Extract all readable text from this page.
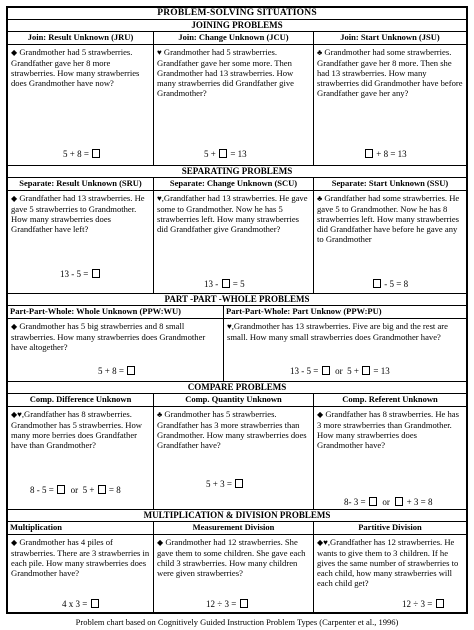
PROBLEM-SOLVING SITUATIONS
JOINING PROBLEMS
Join: Result Unknown (JRU)
◆ Grandmother had 5 strawberries. Grandfather gave her 8 more strawberries. How many strawberries does Grandmother have now?
5 + 8 =
Join: Change Unknown (JCU)
♥ Grandmother had 5 strawberries. Grandfather gave her some more. Then Grandmother had 13 strawberries. How many strawberries did Grandfather give Grandmother?
5 +  = 13
Join: Start Unknown (JSU)
♣ Grandmother had some strawberries. Grandfather gave her 8 more. Then she had 13 strawberries. How many strawberries did Grandmother have before Grandfather gave her any?
+ 8 = 13
SEPARATING PROBLEMS
Separate: Result Unknown (SRU)
◆ Grandfather had 13 strawberries. He gave 5 strawberries to Grandmother. How many strawberries does Grandfather have left?
13 - 5 =
Separate: Change Unknown (SCU)
♥,Grandfather had 13 strawberries. He gave some to Grandmother. Now he has 5 strawberries left. How many strawberries did Grandfather give Grandmother?
13 -  = 5
Separate: Start Unknown (SSU)
♣ Grandfather had some strawberries. He gave 5 to Grandmother. Now he has 8 strawberries left. How many strawberries did Grandfather have before he gave any to Grandmother
- 5 = 8
PART -PART -WHOLE PROBLEMS
Part-Part-Whole: Whole Unknown (PPW:WU)
◆ Grandmother has 5 big strawberries and 8 small strawberries. How many strawberries does Grandmother have altogether?
5 + 8 =
Part-Part-Whole: Part Unknow (PPW:PU)
♥,Grandmother has 13 strawberries. Five are big and the rest are small. How many small strawberries does Grandmother have?
13 - 5 =   or  5 +  = 13
COMPARE PROBLEMS
Comp. Difference Unknown
◆♥,Grandfather has 8 strawberries. Grandmother has 5 strawberries. How many more berries does Grandfather have than Grandmother?
8 - 5 =   or  5 +  = 8
Comp. Quantity Unknown
♣ Grandmother has 5 strawberries. Grandfather has 3 more strawberries than Grandmother. How many strawberries does Grandfather have?
5 + 3 =
Comp. Referent Unknown
◆ Grandfather has 8 strawberries. He has 3 more strawberries than Grandmother. How many strawberries does Grandmother have?
8- 3 =   or   + 3 = 8
MULTIPLICATION & DIVISION PROBLEMS
Multiplication
◆ Grandmother has 4 piles of strawberries. There are 3 strawberries in each pile. How many strawberries does Grandmother have?
4 x 3 =
Measurement Division
◆ Grandmother had 12 strawberries. She gave them to some children. She gave each child 3 strawberries. How many children were given strawberries?
12 ÷ 3 =
Partitive Division
◆♥,Grandfather has 12 strawberries. He wants to give them to 3 children. If he gives the same number of strawberries to each child, how many strawberries will each child get?
12 ÷ 3 =
Problem chart based on Cognitively Guided Instruction Problem Types (Carpenter et al., 1996)
